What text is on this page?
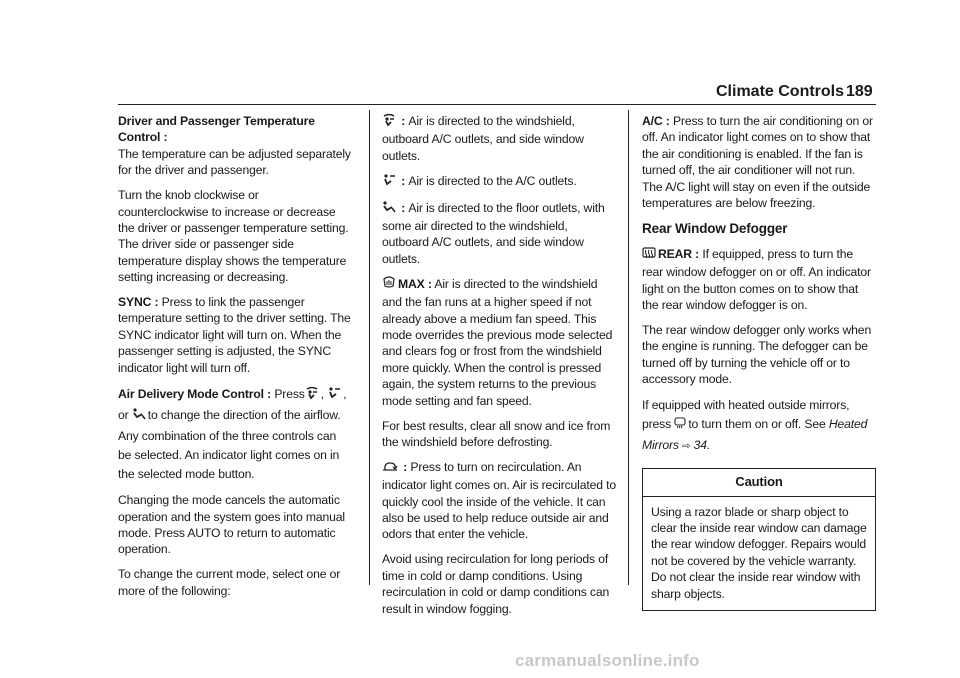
Climate Controls 189

Driver and Passenger Temperature Control :
The temperature can be adjusted separately for the driver and passenger.

Turn the knob clockwise or counterclockwise to increase or decrease the driver or passenger temperature setting. The driver side or passenger side temperature display shows the temperature setting increasing or decreasing.

SYNC : Press to link the passenger temperature setting to the driver setting. The SYNC indicator light will turn on. When the passenger setting is adjusted, the SYNC indicator light will turn off.

Air Delivery Mode Control : Press , ,
or to change the direction of the airflow. Any combination of the three controls can be selected. An indicator light comes on in the selected mode button.

Changing the mode cancels the automatic operation and the system goes into manual mode. Press AUTO to return to automatic operation.

To change the current mode, select one or more of the following:

: Air is directed to the windshield, outboard A/C outlets, and side window outlets.

: Air is directed to the A/C outlets.

: Air is directed to the floor outlets, with some air directed to the windshield, outboard A/C outlets, and side window outlets.

MAX : Air is directed to the windshield and the fan runs at a higher speed if not already above a medium fan speed. This mode overrides the previous mode selected and clears fog or frost from the windshield more quickly. When the control is pressed again, the system returns to the previous mode setting and fan speed.

For best results, clear all snow and ice from the windshield before defrosting.

: Press to turn on recirculation. An indicator light comes on. Air is recirculated to quickly cool the inside of the vehicle. It can also be used to help reduce outside air and odors that enter the vehicle.

Avoid using recirculation for long periods of time in cold or damp conditions. Using recirculation in cold or damp conditions can result in window fogging.

A/C : Press to turn the air conditioning on or off. An indicator light comes on to show that the air conditioning is enabled. If the fan is turned off, the air conditioner will not run. The A/C light will stay on even if the outside temperatures are below freezing.

Rear Window Defogger

REAR : If equipped, press to turn the rear window defogger on or off. An indicator light on the button comes on to show that the rear window defogger is on.

The rear window defogger only works when the engine is running. The defogger can be turned off by turning the vehicle off or to accessory mode.

If equipped with heated outside mirrors, press to turn them on or off. See Heated Mirrors ⇨ 34.

Caution
Using a razor blade or sharp object to clear the inside rear window can damage the rear window defogger. Repairs would not be covered by the vehicle warranty. Do not clear the inside rear window with sharp objects.
carmanualsonline.info
